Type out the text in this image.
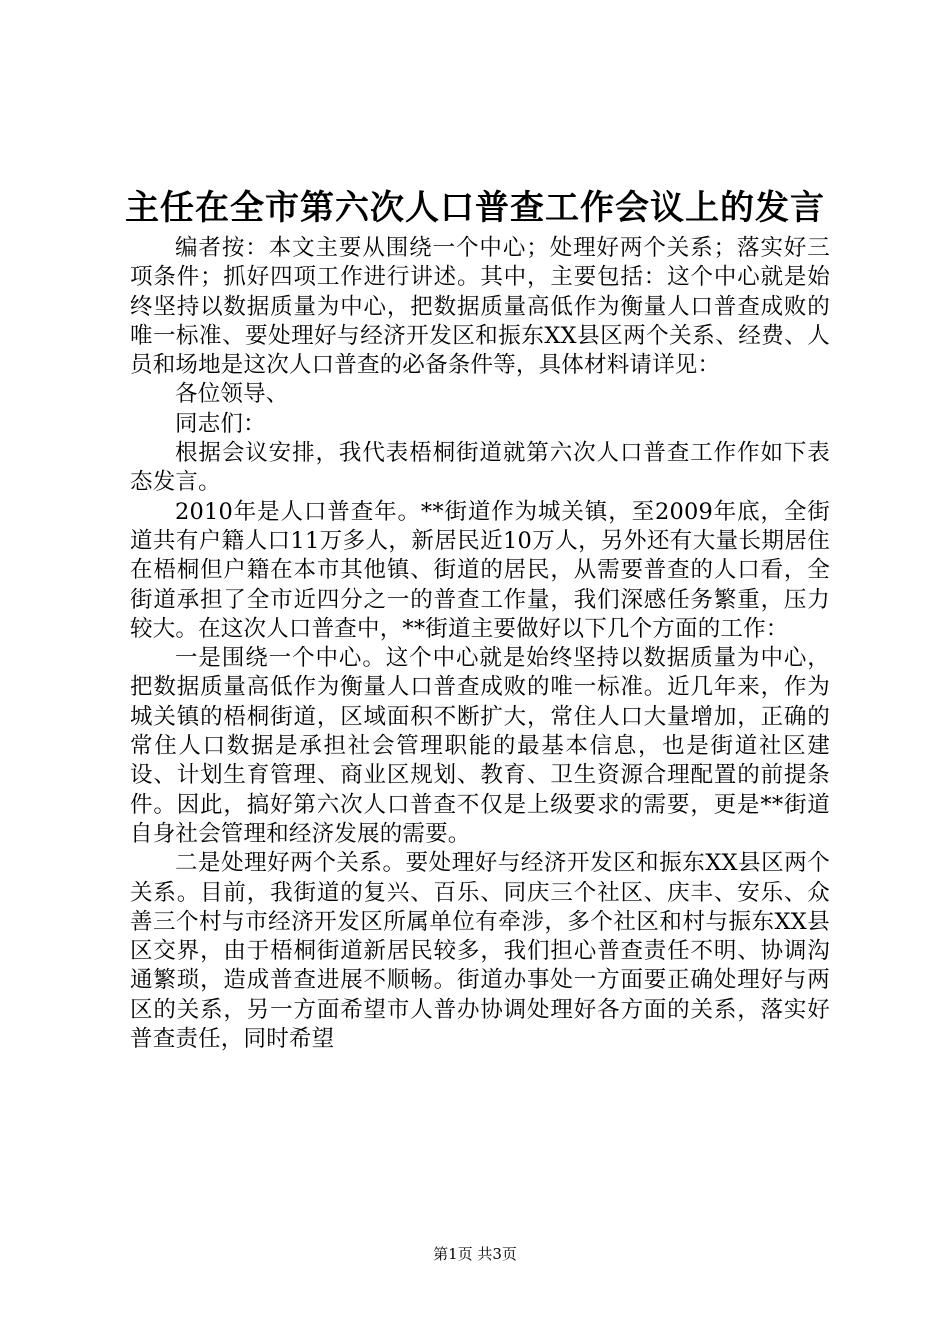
主任在全市第六次人口普查工作会议上的发言

编者按：本文主要从围绕一个中心；处理好两个关系；落实好三项条件；抓好四项工作进行讲述。其中，主要包括：这个中心就是始终坚持以数据质量为中心，把数据质量高低作为衡量人口普查成败的唯一标准、要处理好与经济开发区和振东XX县区两个关系、经费、人员和场地是这次人口普查的必备条件等，具体材料请详见：

各位领导、

同志们：

根据会议安排，我代表梧桐街道就第六次人口普查工作作如下表态发言。

2010年是人口普查年。**街道作为城关镇，至2009年底，全街道共有户籍人口11万多人，新居民近10万人，另外还有大量长期居住在梧桐但户籍在本市其他镇、街道的居民，从需要普查的人口看，全街道承担了全市近四分之一的普查工作量，我们深感任务繁重，压力较大。在这次人口普查中，**街道主要做好以下几个方面的工作：

一是围绕一个中心。这个中心就是始终坚持以数据质量为中心，把数据质量高低作为衡量人口普查成败的唯一标准。近几年来，作为城关镇的梧桐街道，区域面积不断扩大，常住人口大量增加，正确的常住人口数据是承担社会管理职能的最基本信息，也是街道社区建设、计划生育管理、商业区规划、教育、卫生资源合理配置的前提条件。因此，搞好第六次人口普查不仅是上级要求的需要，更是**街道自身社会管理和经济发展的需要。

二是处理好两个关系。要处理好与经济开发区和振东XX县区两个关系。目前，我街道的复兴、百乐、同庆三个社区、庆丰、安乐、众善三个村与市经济开发区所属单位有牵涉，多个社区和村与振东XX县区交界，由于梧桐街道新居民较多，我们担心普查责任不明、协调沟通繁琐，造成普查进展不顺畅。街道办事处一方面要正确处理好与两区的关系，另一方面希望市人普办协调处理好各方面的关系，落实好普查责任，同时希望

第1页 共3页
